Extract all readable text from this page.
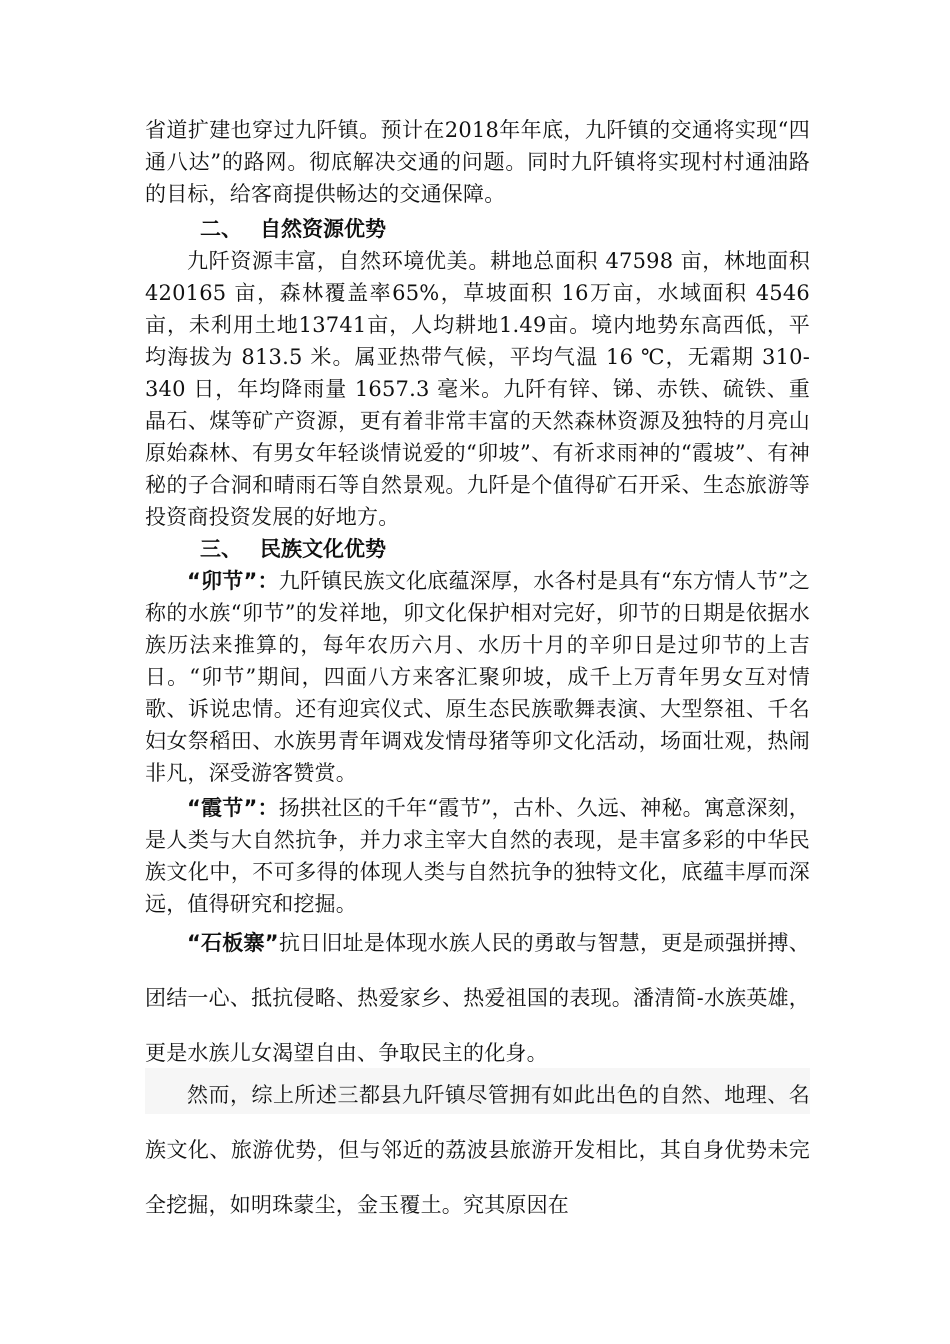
省道扩建也穿过九阡镇。预计在2018年年底，九阡镇的交通将实现“四通八达”的路网。彻底解决交通的问题。同时九阡镇将实现村村通油路的目标，给客商提供畅达的交通保障。

二、 自然资源优势

九阡资源丰富，自然环境优美。耕地总面积 47598 亩，林地面积420165 亩，森林覆盖率65%，草坡面积 16万亩，水域面积 4546 亩，未利用土地13741亩，人均耕地1.49亩。境内地势东高西低，平均海拔为 813.5 米。属亚热带气候，平均气温 16 ℃，无霜期 310-340 日，年均降雨量 1657.3 毫米。九阡有锌、锑、赤铁、硫铁、重晶石、煤等矿产资源，更有着非常丰富的天然森林资源及独特的月亮山原始森林、有男女年轻谈情说爱的“卯坡”、有祈求雨神的“霞坡”、有神秘的子合洞和晴雨石等自然景观。九阡是个值得矿石开采、生态旅游等投资商投资发展的好地方。

三、 民族文化优势

“卯节”：九阡镇民族文化底蕴深厚，水各村是具有“东方情人节”之称的水族“卯节”的发祥地，卯文化保护相对完好，卯节的日期是依据水族历法来推算的，每年农历六月、水历十月的辛卯日是过卯节的上吉日。“卯节”期间，四面八方来客汇聚卯坡，成千上万青年男女互对情歌、诉说忠情。还有迎宾仪式、原生态民族歌舞表演、大型祭祖、千名妇女祭稻田、水族男青年调戏发情母猪等卯文化活动，场面壮观，热闹非凡，深受游客赞赏。

“霞节”：扬拱社区的千年“霞节”，古朴、久远、神秘。寓意深刻，是人类与大自然抗争，并力求主宰大自然的表现，是丰富多彩的中华民族文化中，不可多得的体现人类与自然抗争的独特文化，底蕴丰厚而深远，值得研究和挖掘。

“石板寨”抗日旧址是体现水族人民的勇敢与智慧，更是顽强拼搏、团结一心、抵抗侵略、热爱家乡、热爱祖国的表现。潘清简-水族英雄，更是水族儿女渴望自由、争取民主的化身。

然而，综上所述三都县九阡镇尽管拥有如此出色的自然、地理、名族文化、旅游优势，但与邻近的荔波县旅游开发相比，其自身优势未完全挖掘，如明珠蒙尘，金玉覆土。究其原因在
